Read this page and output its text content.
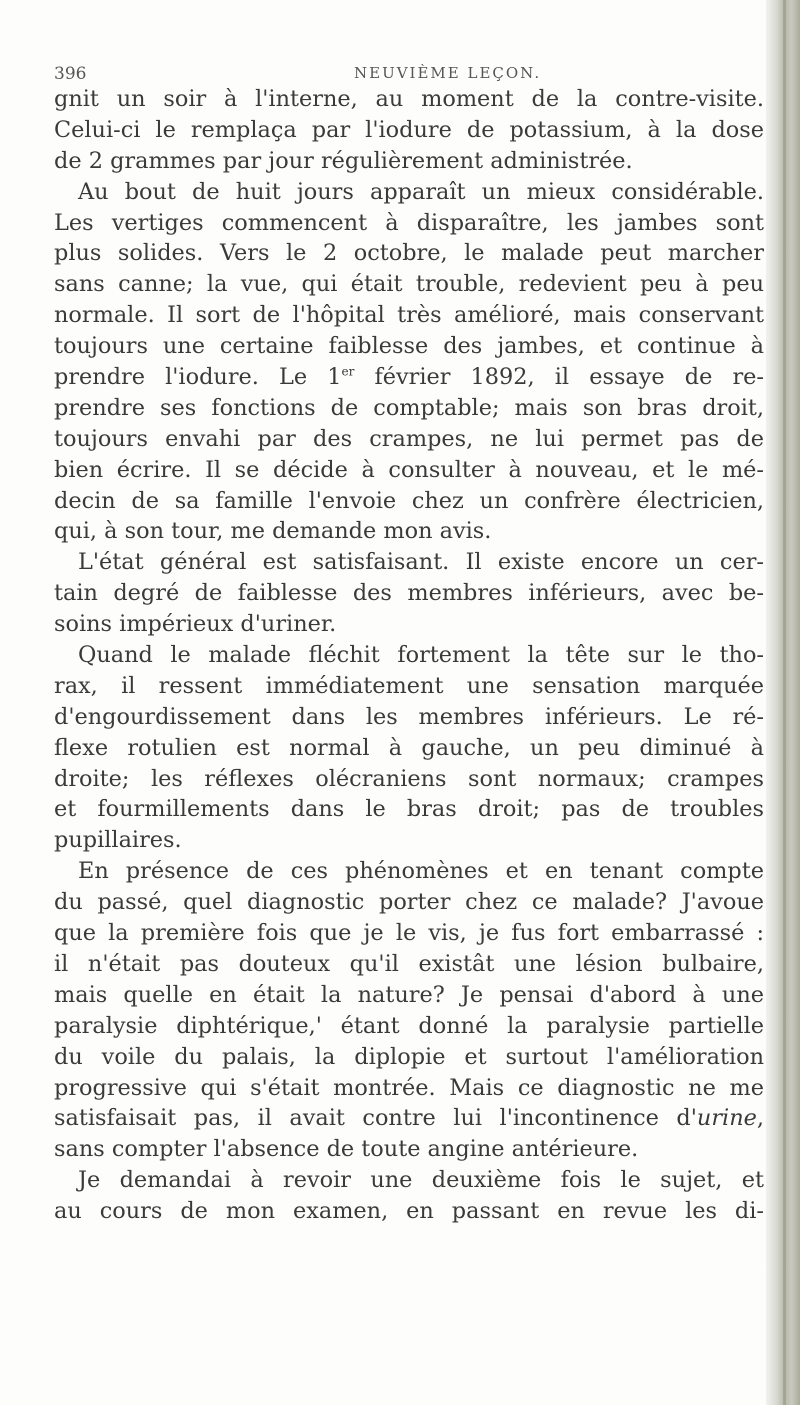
396	NEUVIÈME LEÇON.
gnit un soir à l'interne, au moment de la contre-visite.
Celui-ci le remplaça par l'iodure de potassium, à la dose
de 2 grammes par jour régulièrement administrée.
Au bout de huit jours apparaît un mieux considérable.
Les vertiges commencent à disparaître, les jambes sont
plus solides. Vers le 2 octobre, le malade peut marcher
sans canne; la vue, qui était trouble, redevient peu à peu
normale. Il sort de l'hôpital très amélioré, mais conservant
toujours une certaine faiblesse des jambes, et continue à
prendre l'iodure. Le 1er février 1892, il essaye de re-
prendre ses fonctions de comptable; mais son bras droit,
toujours envahi par des crampes, ne lui permet pas de
bien écrire. Il se décide à consulter à nouveau, et le mé-
decin de sa famille l'envoie chez un confrère électricien,
qui, à son tour, me demande mon avis.
L'état général est satisfaisant. Il existe encore un cer-
tain degré de faiblesse des membres inférieurs, avec be-
soins impérieux d'uriner.
Quand le malade fléchit fortement la tête sur le tho-
rax, il ressent immédiatement une sensation marquée
d'engourdissement dans les membres inférieurs. Le ré-
flexe rotulien est normal à gauche, un peu diminué à
droite; les réflexes olécraniens sont normaux; crampes
et fourmillements dans le bras droit; pas de troubles
pupillaires.
En présence de ces phénomènes et en tenant compte
du passé, quel diagnostic porter chez ce malade? J'avoue
que la première fois que je le vis, je fus fort embarrassé :
il n'était pas douteux qu'il existât une lésion bulbaire,
mais quelle en était la nature? Je pensai d'abord à une
paralysie diphtérique,' étant donné la paralysie partielle
du voile du palais, la diplopie et surtout l'amélioration
progressive qui s'était montrée. Mais ce diagnostic ne me
satisfaisait pas, il avait contre lui l'incontinence d'urine,
sans compter l'absence de toute angine antérieure.
Je demandai à revoir une deuxième fois le sujet, et
au cours de mon examen, en passant en revue les di-
